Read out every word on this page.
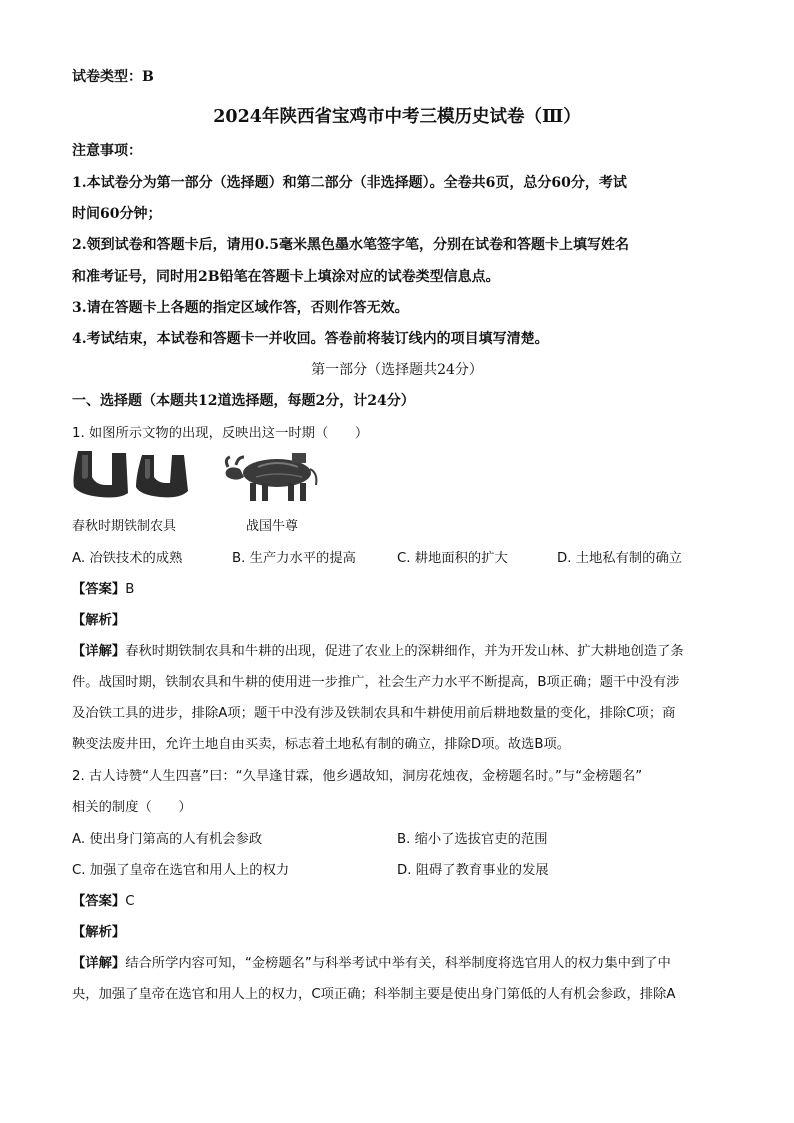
试卷类型：B
2024年陕西省宝鸡市中考三模历史试卷（Ⅲ）
注意事项：
1.本试卷分为第一部分（选择题）和第二部分（非选择题）。全卷共6页，总分60分，考试
时间60分钟；
2.领到试卷和答题卡后，请用0.5毫米黑色墨水笔签字笔，分别在试卷和答题卡上填写姓名
和准考证号，同时用2B铅笔在答题卡上填涂对应的试卷类型信息点。
3.请在答题卡上各题的指定区域作答，否则作答无效。
4.考试结束，本试卷和答题卡一并收回。答卷前将装订线内的项目填写清楚。
第一部分（选择题共24分）
一、选择题（本题共12道选择题，每题2分，计24分）
1. 如图所示文物的出现，反映出这一时期（　　）
春秋时期铁制农具	战国牛尊
A. 冶铁技术的成熟	B. 生产力水平的提高	C. 耕地面积的扩大	D. 土地私有制的确立
【答案】B
【解析】
【详解】春秋时期铁制农具和牛耕的出现，促进了农业上的深耕细作，并为开发山林、扩大耕地创造了条
件。战国时期，铁制农具和牛耕的使用进一步推广，社会生产力水平不断提高，B项正确；题干中没有涉
及冶铁工具的进步，排除A项；题干中没有涉及铁制农具和牛耕使用前后耕地数量的变化，排除C项；商
鞅变法废井田，允许土地自由买卖，标志着土地私有制的确立，排除D项。故选B项。
2. 古人诗赞“人生四喜”曰：“久旱逢甘霖，他乡遇故知，洞房花烛夜，金榜题名时。”与“金榜题名”
相关的制度（　　）
A. 使出身门第高的人有机会参政	B. 缩小了选拔官吏的范围
C. 加强了皇帝在选官和用人上的权力	D. 阻碍了教育事业的发展
【答案】C
【解析】
【详解】结合所学内容可知，“金榜题名”与科举考试中举有关，科举制度将选官用人的权力集中到了中
央，加强了皇帝在选官和用人上的权力，C项正确；科举制主要是使出身门第低的人有机会参政，排除A
